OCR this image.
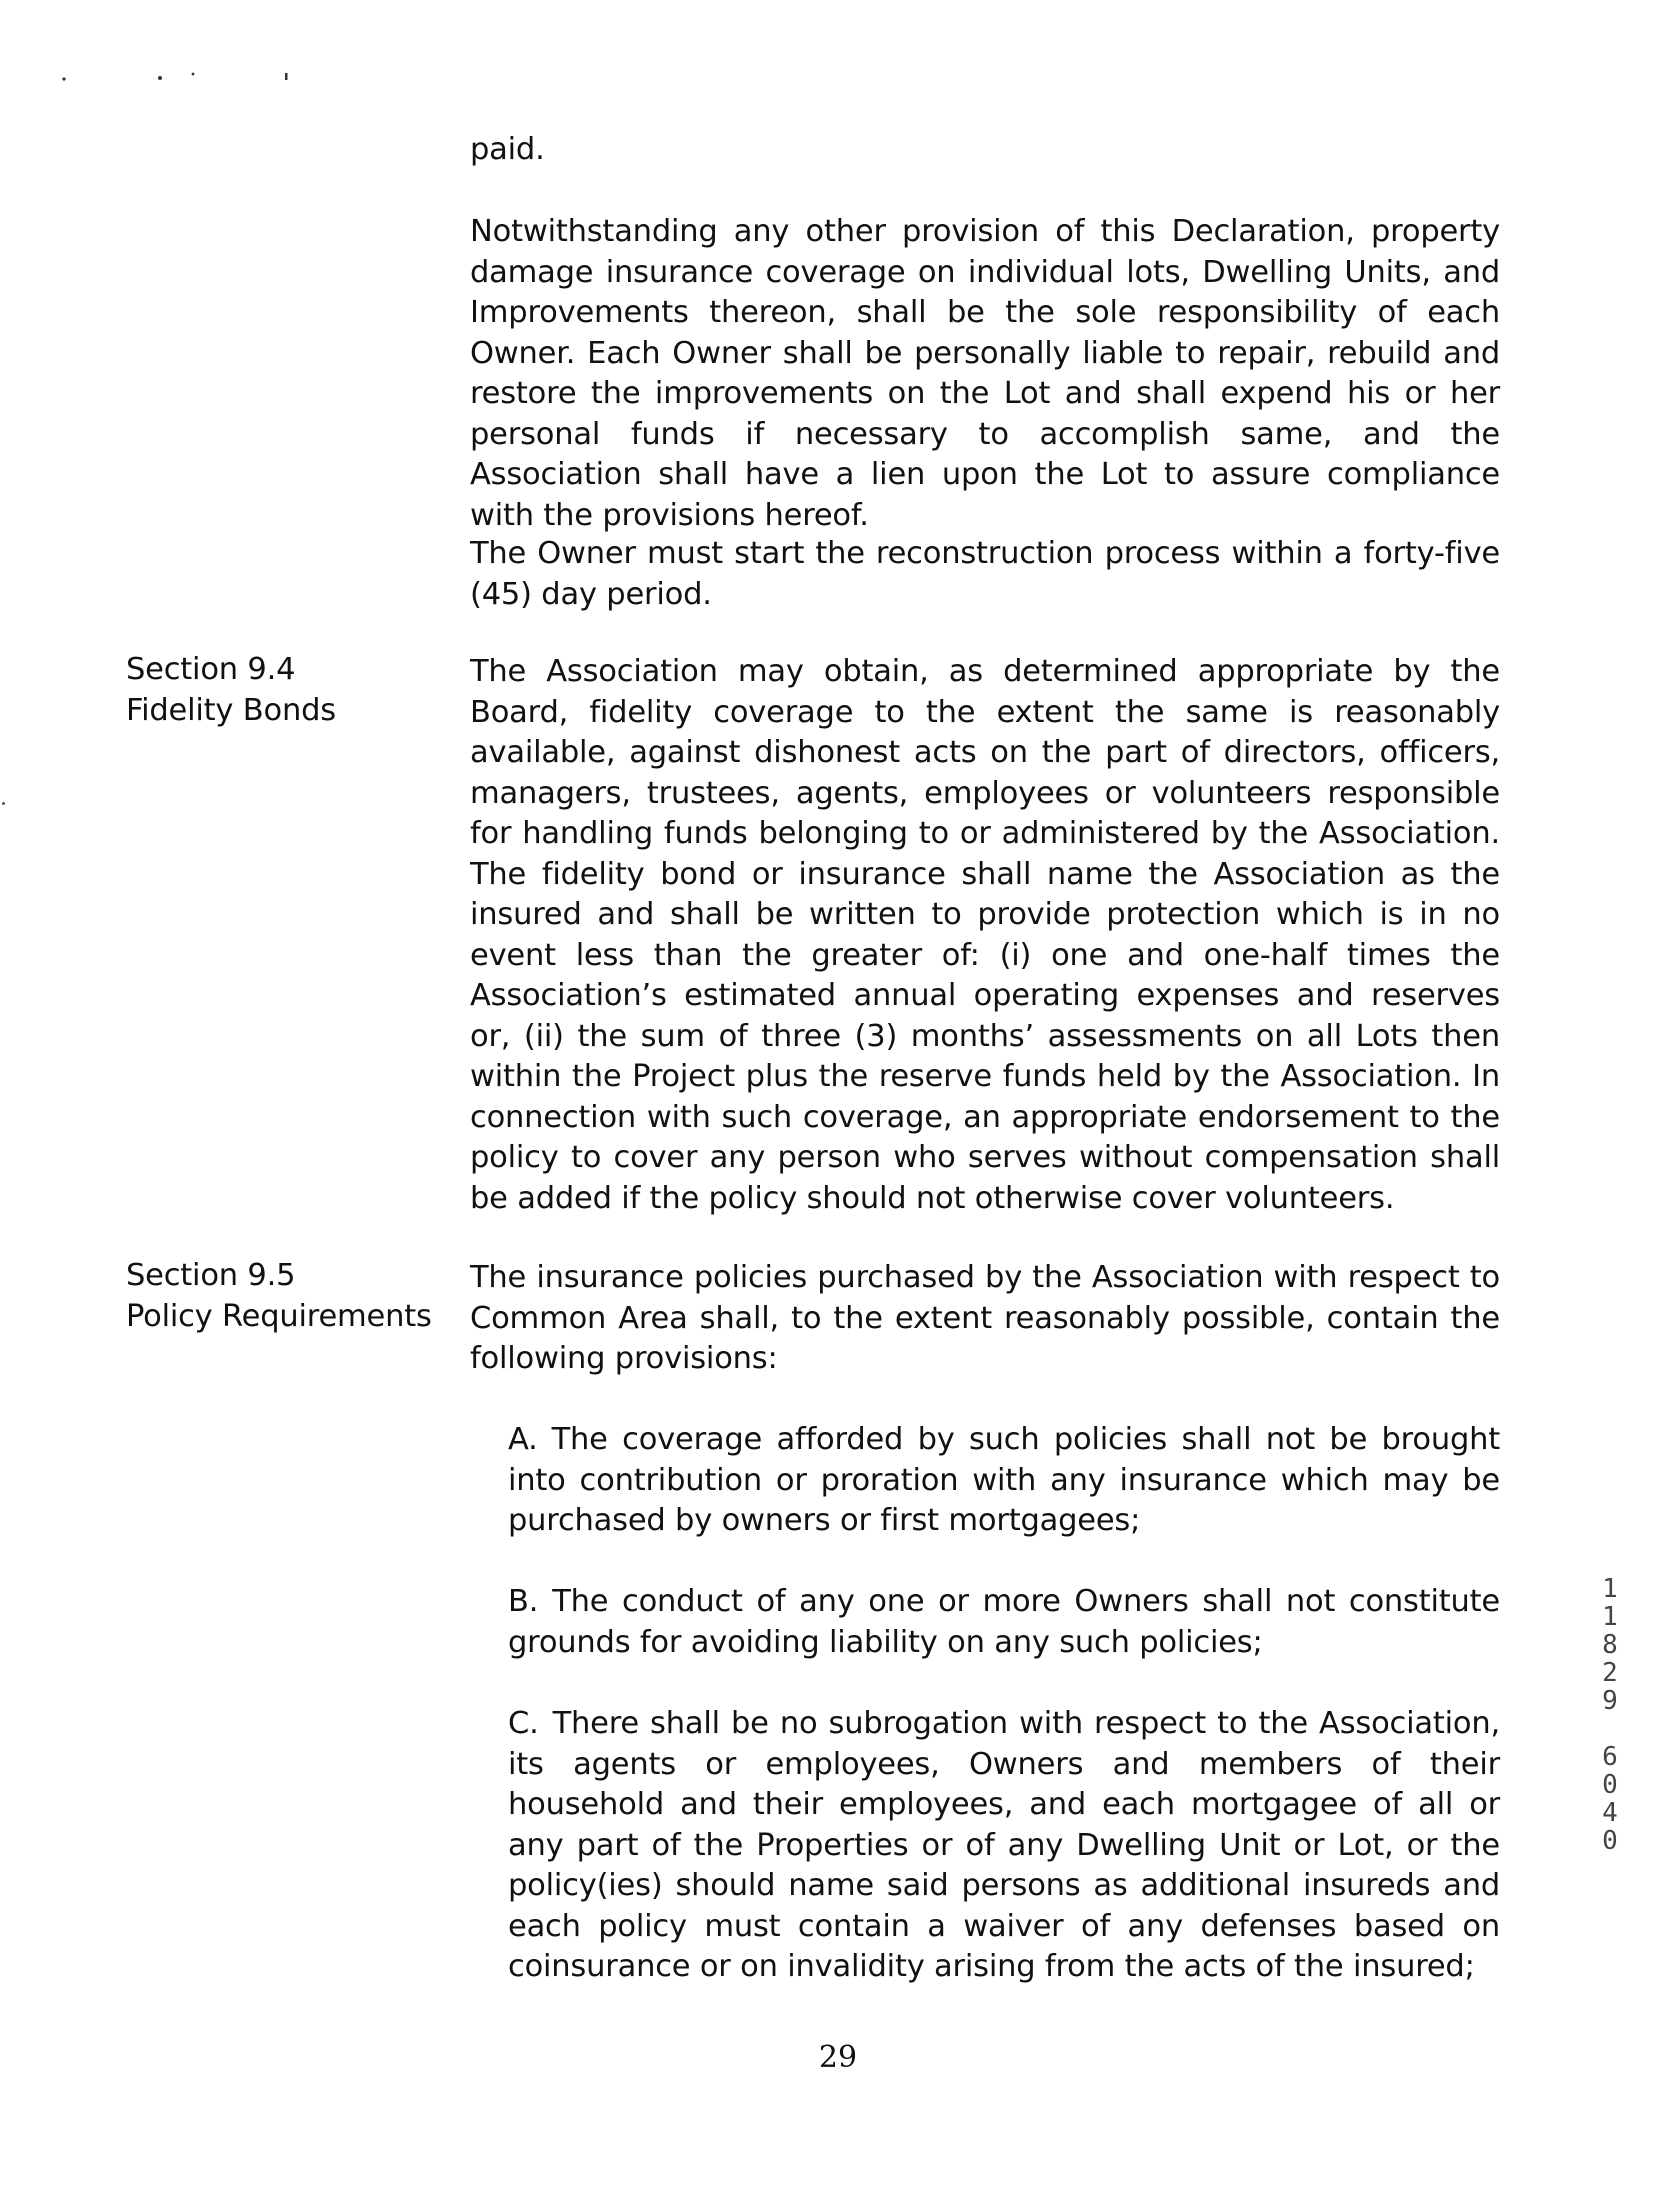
paid.

Notwithstanding any other provision of this Declaration, property damage insurance coverage on individual lots, Dwelling Units, and Improvements thereon, shall be the sole responsibility of each Owner. Each Owner shall be personally liable to repair, rebuild and restore the improvements on the Lot and shall expend his or her personal funds if necessary to accomplish same, and the Association shall have a lien upon the Lot to assure compliance with the provisions hereof.

The Owner must start the reconstruction process within a forty-five (45) day period.

Section 9.4
Fidelity Bonds

The Association may obtain, as determined appropriate by the Board, fidelity coverage to the extent the same is reasonably available, against dishonest acts on the part of directors, officers, managers, trustees, agents, employees or volunteers responsible for handling funds belonging to or administered by the Association. The fidelity bond or insurance shall name the Association as the insured and shall be written to provide protection which is in no event less than the greater of: (i) one and one-half times the Association’s estimated annual operating expenses and reserves or, (ii) the sum of three (3) months’ assessments on all Lots then within the Project plus the reserve funds held by the Association. In connection with such coverage, an appropriate endorsement to the policy to cover any person who serves without compensation shall be added if the policy should not otherwise cover volunteers.

Section 9.5
Policy Requirements

The insurance policies purchased by the Association with respect to Common Area shall, to the extent reasonably possible, contain the following provisions:

A. The coverage afforded by such policies shall not be brought into contribution or proration with any insurance which may be purchased by owners or first mortgagees;

B. The conduct of any one or more Owners shall not constitute grounds for avoiding liability on any such policies;

C. There shall be no subrogation with respect to the Association, its agents or employees, Owners and members of their household and their employees, and each mortgagee of all or any part of the Properties or of any Dwelling Unit or Lot, or the policy(ies) should name said persons as additional insureds and each policy must contain a waiver of any defenses based on coinsurance or on invalidity arising from the acts of the insured;

1
1
8
2
9
6
0
4
0

29
